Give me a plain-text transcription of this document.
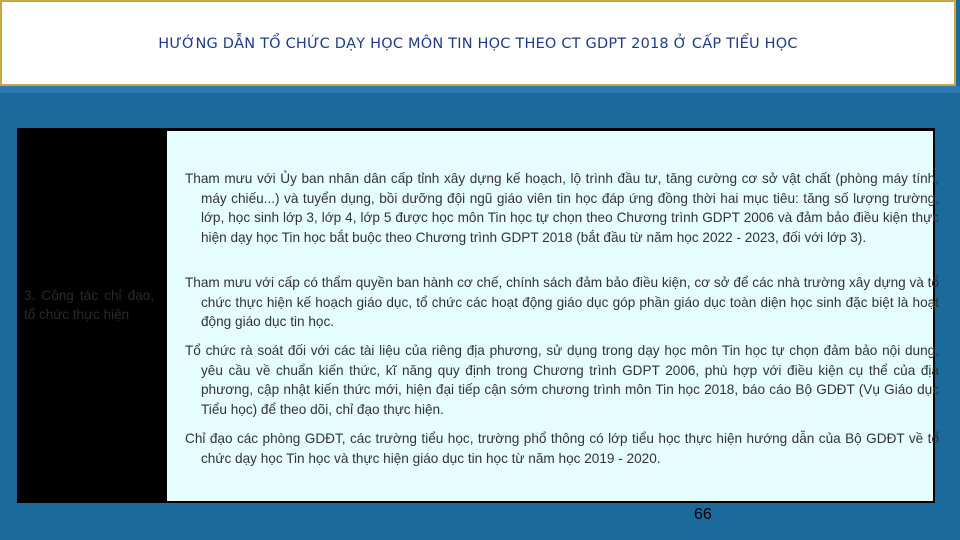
HƯỚNG DẪN TỔ CHỨC DẠY HỌC MÔN TIN HỌC THEO CT GDPT 2018 Ở CẤP TIỂU HỌC
3. Công tác chỉ đạo, tổ chức thực hiện
Tham mưu với Ủy ban nhân dân cấp tỉnh xây dựng kế hoạch, lộ trình đầu tư, tăng cường cơ sở vật chất (phòng máy tính, máy chiếu...) và tuyển dụng, bồi dưỡng đội ngũ giáo viên tin học đáp ứng đồng thời hai mục tiêu: tăng số lượng trường, lớp, học sinh lớp 3, lớp 4, lớp 5 được học môn Tin học tự chọn theo Chương trình GDPT 2006 và đảm bảo điều kiện thực hiện dạy học Tin học bắt buộc theo Chương trình GDPT 2018 (bắt đầu từ năm học 2022 - 2023, đối với lớp 3).
Tham mưu với cấp có thẩm quyền ban hành cơ chế, chính sách đảm bảo điều kiện, cơ sở để các nhà trường xây dựng và tổ chức thực hiện kế hoạch giáo dục, tổ chức các hoạt động giáo dục góp phần giáo dục toàn diện học sinh đặc biệt là hoạt động giáo dục tin học.
Tổ chức rà soát đối với các tài liệu của riêng địa phương, sử dụng trong dạy học môn Tin học tự chọn đảm bảo nội dung, yêu cầu về chuẩn kiến thức, kĩ năng quy định trong Chương trình GDPT 2006, phù hợp với điều kiện cụ thể của địa phương, cập nhật kiến thức mới, hiện đại tiếp cận sớm chương trình môn Tin học 2018, báo cáo Bộ GDĐT (Vụ Giáo dục Tiểu học) để theo dõi, chỉ đạo thực hiện.
Chỉ đạo các phòng GDĐT, các trường tiểu học, trường phổ thông có lớp tiểu học thực hiện hướng dẫn của Bộ GDĐT về tổ chức dạy học Tin học và thực hiện giáo dục tin học từ năm học 2019 - 2020.
66
